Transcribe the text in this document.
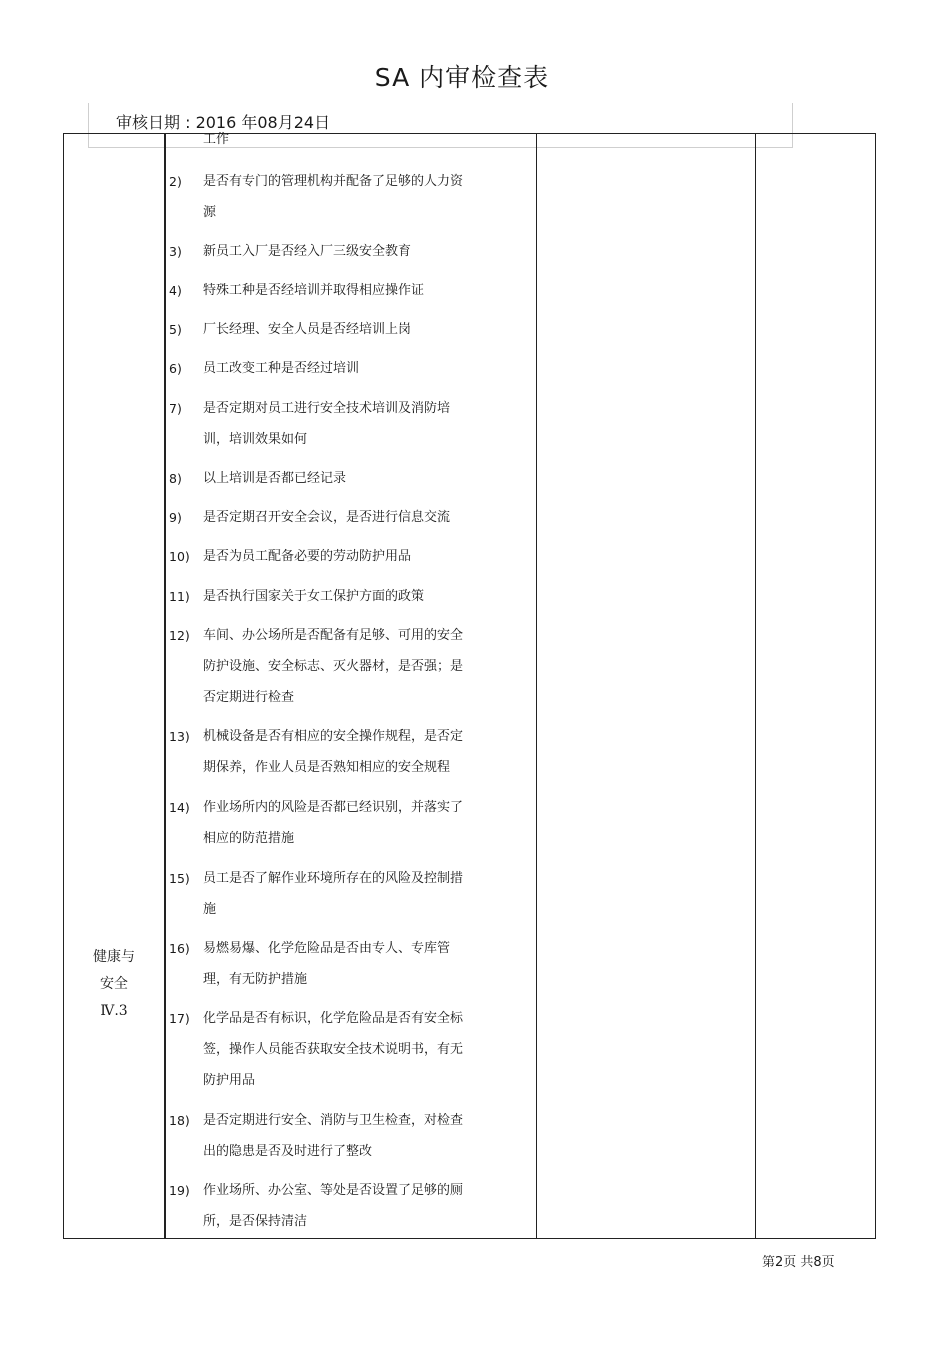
SA 内审检查表
审核日期 : 2016 年08月24日
健康与
安全
Ⅳ.3
工作
2) 是否有专门的管理机构并配备了足够的人力资
源
3) 新员工入厂是否经入厂三级安全教育
4) 特殊工种是否经培训并取得相应操作证
5) 厂长经理、安全人员是否经培训上岗
6) 员工改变工种是否经过培训
7) 是否定期对员工进行安全技术培训及消防培
训，培训效果如何
8) 以上培训是否都已经记录
9) 是否定期召开安全会议，是否进行信息交流
10) 是否为员工配备必要的劳动防护用品
11) 是否执行国家关于女工保护方面的政策
12) 车间、办公场所是否配备有足够、可用的安全
防护设施、安全标志、灭火器材，是否强；是
否定期进行检查
13) 机械设备是否有相应的安全操作规程，是否定
期保养，作业人员是否熟知相应的安全规程
14) 作业场所内的风险是否都已经识别，并落实了
相应的防范措施
15) 员工是否了解作业环境所存在的风险及控制措
施
16) 易燃易爆、化学危险品是否由专人、专库管
理，有无防护措施
17) 化学品是否有标识，化学危险品是否有安全标
签，操作人员能否获取安全技术说明书，有无
防护用品
18) 是否定期进行安全、消防与卫生检查，对检查
出的隐患是否及时进行了整改
19) 作业场所、办公室、等处是否设置了足够的厕
所，是否保持清洁
第2页 共8页
